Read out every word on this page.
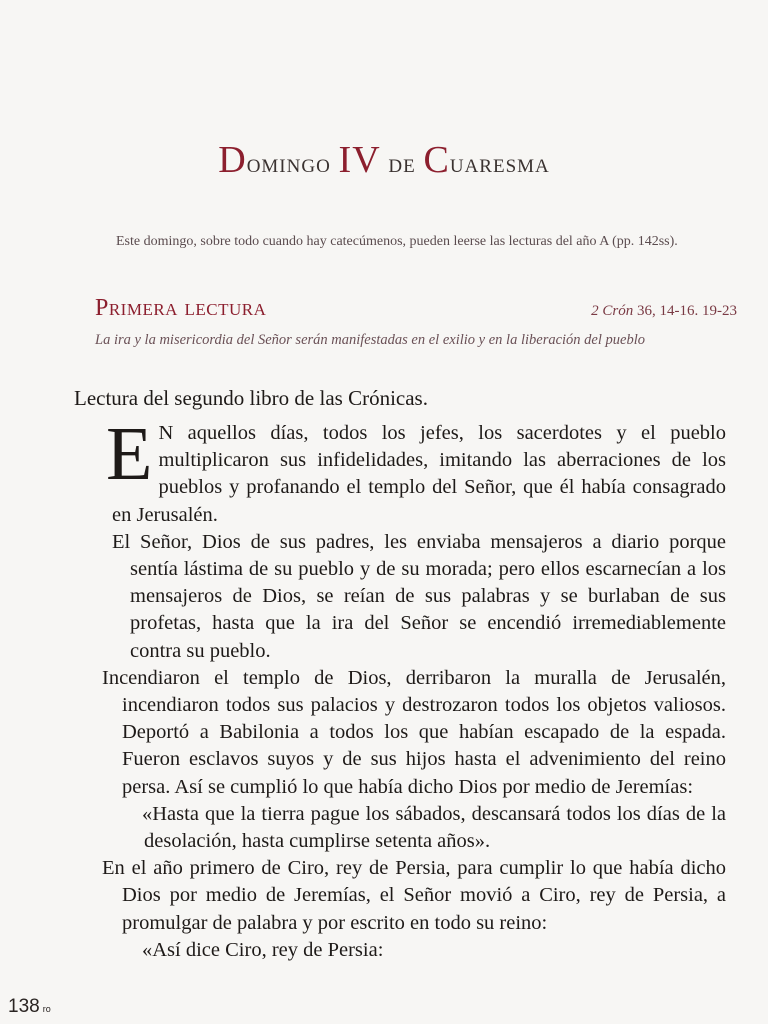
Domingo IV de Cuaresma

Este domingo, sobre todo cuando hay catecúmenos, pueden leerse las lecturas del año A (pp. 142ss).

Primera lectura	2 Crón 36, 14-16. 19-23

La ira y la misericordia del Señor serán manifestadas en el exilio y en la liberación del pueblo

Lectura del segundo libro de las Crónicas.

E N aquellos días, todos los jefes, los sacerdotes y el pueblo multiplicaron sus infidelidades, imitando las aberraciones de los pueblos y profanando el templo del Señor, que él había consagrado en Jerusalén.

El Señor, Dios de sus padres, les enviaba mensajeros a diario porque sentía lástima de su pueblo y de su morada; pero ellos escarnecían a los mensajeros de Dios, se reían de sus palabras y se burlaban de sus profetas, hasta que la ira del Señor se encendió irremediablemente contra su pueblo.

Incendiaron el templo de Dios, derribaron la muralla de Jerusalén, incendiaron todos sus palacios y destrozaron todos los objetos valiosos. Deportó a Babilonia a todos los que habían escapado de la espada. Fueron esclavos suyos y de sus hijos hasta el advenimiento del reino persa. Así se cumplió lo que había dicho Dios por medio de Jeremías:

«Hasta que la tierra pague los sábados, descansará todos los días de la desolación, hasta cumplirse setenta años».

En el año primero de Ciro, rey de Persia, para cumplir lo que había dicho Dios por medio de Jeremías, el Señor movió a Ciro, rey de Persia, a promulgar de palabra y por escrito en todo su reino:

«Así dice Ciro, rey de Persia:

138 ro
